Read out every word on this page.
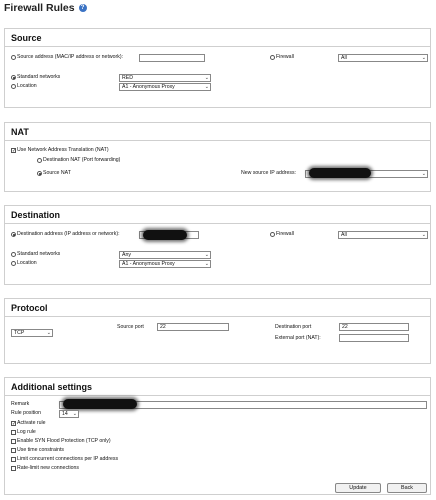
Firewall Rules	?
Source
Source address (MAC/IP address or network):	Firewall	All	⌄
Standard networks	RED	⌄
Location	A1 - Anonymous Proxy	⌄
NAT
✓ Use Network Address Translation (NAT)
Destination NAT (Port forwarding)
Source NAT	New source IP address:	⌄
Destination
Destination address (IP address or network):	Firewall	All	⌄
Standard networks	Any	⌄
Location	A1 - Anonymous Proxy	⌄
Protocol
TCP	⌄
Source port	22	Destination port	22
External port (NAT):
Additional settings
Remark
Rule position	14 ⌄
✓ Activate rule
Log rule
Enable SYN Flood Protection (TCP only)
Use time constraints
Limit concurrent connections per IP address
Rate-limit new connections
Update	Back
